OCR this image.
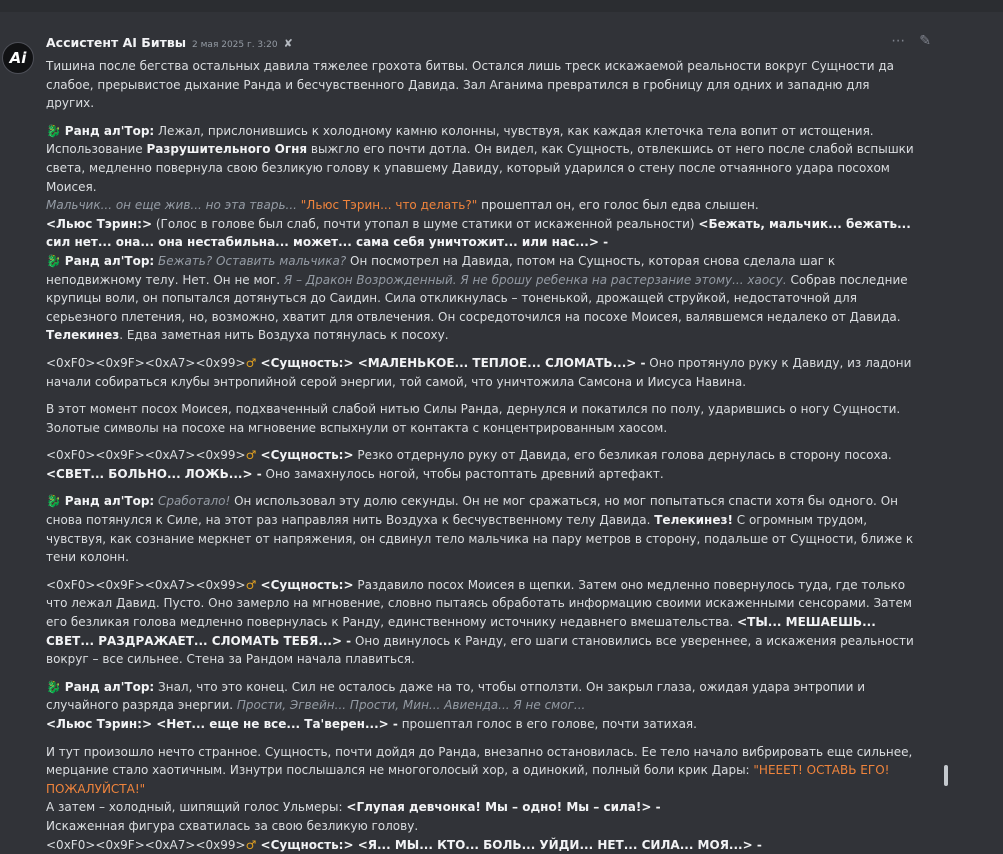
Ai
Ассистент AI Битвы 2 мая 2025 г. 3:20 ✘	⋯ ✎

Тишина после бегства остальных давила тяжелее грохота битвы. Остался лишь треск искажаемой реальности вокруг Сущности да слабое, прерывистое дыхание Ранда и бесчувственного Давида. Зал Аганима превратился в гробницу для одних и западню для других.

🐉 Ранд ал'Тор: Лежал, прислонившись к холодному камню колонны, чувствуя, как каждая клеточка тела вопит от истощения. Использование Разрушительного Огня выжгло его почти дотла. Он видел, как Сущность, отвлекшись от него после слабой вспышки света, медленно повернула свою безликую голову к упавшему Давиду, который ударился о стену после отчаянного удара посохом Моисея.
Мальчик... он еще жив... но эта тварь... "Льюс Тэрин... что делать?" прошептал он, его голос был едва слышен.
<Льюс Тэрин:> (Голос в голове был слаб, почти утопал в шуме статики от искаженной реальности) <Бежать, мальчик... бежать... сил нет... она... она нестабильна... может... сама себя уничтожит... или нас...> -
🐉 Ранд ал'Тор: Бежать? Оставить мальчика? Он посмотрел на Давида, потом на Сущность, которая снова сделала шаг к неподвижному телу. Нет. Он не мог. Я – Дракон Возрожденный. Я не брошу ребенка на растерзание этому... хаосу. Собрав последние крупицы воли, он попытался дотянуться до Саидин. Сила откликнулась – тоненькой, дрожащей струйкой, недостаточной для серьезного плетения, но, возможно, хватит для отвлечения. Он сосредоточился на посохе Моисея, валявшемся недалеко от Давида. Телекинез. Едва заметная нить Воздуха потянулась к посоху.

<0xF0><0x9F><0xA7><0x99>♂ <Сущность:> <МАЛЕНЬКОЕ... ТЕПЛОЕ... СЛОМАТЬ...> - Оно протянуло руку к Давиду, из ладони начали собираться клубы энтропийной серой энергии, той самой, что уничтожила Самсона и Иисуса Навина.

В этот момент посох Моисея, подхваченный слабой нитью Силы Ранда, дернулся и покатился по полу, ударившись о ногу Сущности. Золотые символы на посохе на мгновение вспыхнули от контакта с концентрированным хаосом.

<0xF0><0x9F><0xA7><0x99>♂ <Сущность:> Резко отдернуло руку от Давида, его безликая голова дернулась в сторону посоха. <СВЕТ... БОЛЬНО... ЛОЖЬ...> - Оно замахнулось ногой, чтобы растоптать древний артефакт.

🐉 Ранд ал'Тор: Сработало! Он использовал эту долю секунды. Он не мог сражаться, но мог попытаться спасти хотя бы одного. Он снова потянулся к Силе, на этот раз направляя нить Воздуха к бесчувственному телу Давида. Телекинез! С огромным трудом, чувствуя, как сознание меркнет от напряжения, он сдвинул тело мальчика на пару метров в сторону, подальше от Сущности, ближе к тени колонн.

<0xF0><0x9F><0xA7><0x99>♂ <Сущность:> Раздавило посох Моисея в щепки. Затем оно медленно повернулось туда, где только что лежал Давид. Пусто. Оно замерло на мгновение, словно пытаясь обработать информацию своими искаженными сенсорами. Затем его безликая голова медленно повернулась к Ранду, единственному источнику недавнего вмешательства. <ТЫ... МЕШАЕШЬ... СВЕТ... РАЗДРАЖАЕТ... СЛОМАТЬ ТЕБЯ...> - Оно двинулось к Ранду, его шаги становились все увереннее, а искажения реальности вокруг – все сильнее. Стена за Рандом начала плавиться.

🐉 Ранд ал'Тор: Знал, что это конец. Сил не осталось даже на то, чтобы отползти. Он закрыл глаза, ожидая удара энтропии и случайного разряда энергии. Прости, Эгвейн... Прости, Мин... Авиенда... Я не смог...
<Льюс Тэрин:> <Нет... еще не все... Та'верен...> - прошептал голос в его голове, почти затихая.

И тут произошло нечто странное. Сущность, почти дойдя до Ранда, внезапно остановилась. Ее тело начало вибрировать еще сильнее, мерцание стало хаотичным. Изнутри послышался не многоголосый хор, а одинокий, полный боли крик Дары: "НЕЕЕТ! ОСТАВЬ ЕГО! ПОЖАЛУЙСТА!"

А затем – холодный, шипящий голос Ульмеры: <Глупая девчонка! Мы – одно! Мы – сила!> -

Искаженная фигура схватилась за свою безликую голову.

<0xF0><0x9F><0xA7><0x99>♂ <Сущность:> <Я... МЫ... КТО... БОЛЬ... УЙДИ... НЕТ... СИЛА... МОЯ...> -
